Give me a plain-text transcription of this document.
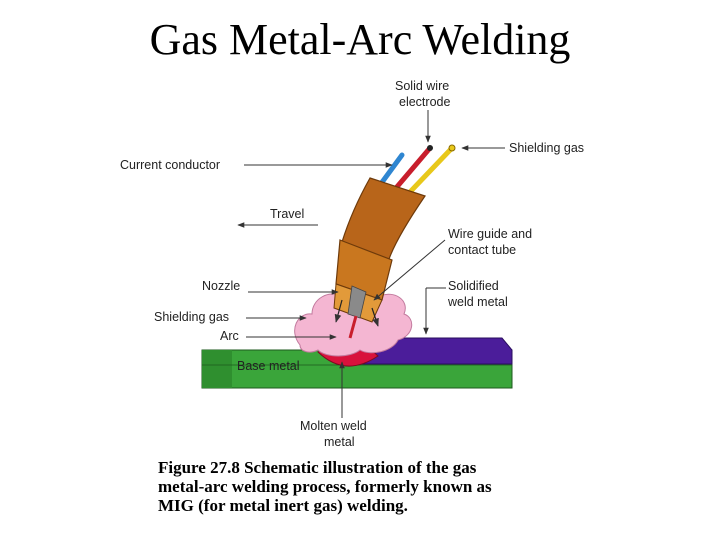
Gas Metal-Arc Welding
Solid wire
electrode
Shielding gas
Current conductor
Travel
Wire guide and
contact tube
Nozzle	Solidified
weld metal
Shielding gas
Arc
Base metal
Molten weld
metal
Figure 27.8 Schematic illustration of the gas
metal-arc welding process, formerly known as
MIG (for metal inert gas) welding.
